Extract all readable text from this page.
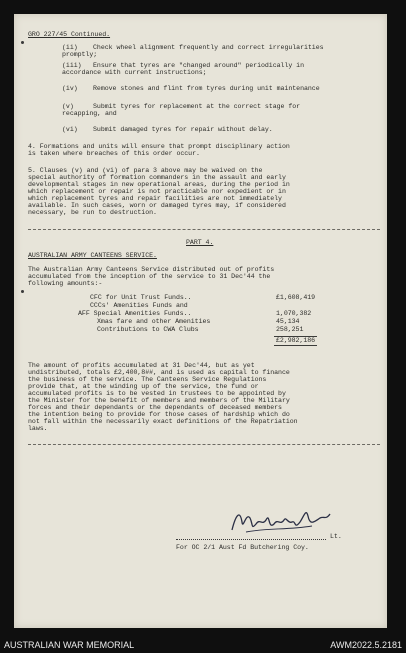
GRO 227/45 Continued.
(ii) Check wheel alignment frequently and correct irregularities
promptly;
(iii) Ensure that tyres are "changed around" periodically in
accordance with current instructions;
(iv) Remove stones and flint from tyres during unit maintenance
(v)	Submit tyres for replacement at the correct stage for
recapping, and
(vi) Submit damaged tyres for repair without delay.
4. Formations and units will ensure that prompt disciplinary action
is taken where breaches of this order occur.
5. Clauses (v) and (vi) of para 3 above may be waived on the
special authority of formation commanders in the assault and early
developmental stages in new operational areas, during the period in
which replacement or repair is not practicable nor expedient or in
which replacement tyres and repair facilities are not immediately
available. In such cases, worn or damaged tyres may, if considered
necessary, be run to destruction.
PART 4.
AUSTRALIAN ARMY CANTEENS SERVICE.
The Australian Army Canteens Service distributed out of profits
accumulated from the inception of the service to 31 Dec'44 the
following amounts:-
CFC for Unit Trust Funds..	£1,608,419
CCCs' Amenities Funds and
AFF Special Amenities Funds..	1,070,382
Xmas fare and other Amenities	45,134
Contributions to CWA Clubs	258,251
£2,982,186
The amount of profits accumulated at 31 Dec'44, but as yet
undistributed, totals £2,400,8##, and is used as capital to finance
the business of the service. The Canteens Service Regulations
provide that, at the winding up of the service, the fund or
accumulated profits is to be vested in trustees to be appointed by
the Minister for the benefit of members and members of the Military
forces and their dependants or the dependants of deceased members
the intention being to provide for those cases of hardship which do
not fall within the necessarily exact definitions of the Repatriation
laws.
Lt.
For OC 2/1 Aust Fd Butchering Coy.
AUSTRALIAN WAR MEMORIAL	AWM2022.5.2181
